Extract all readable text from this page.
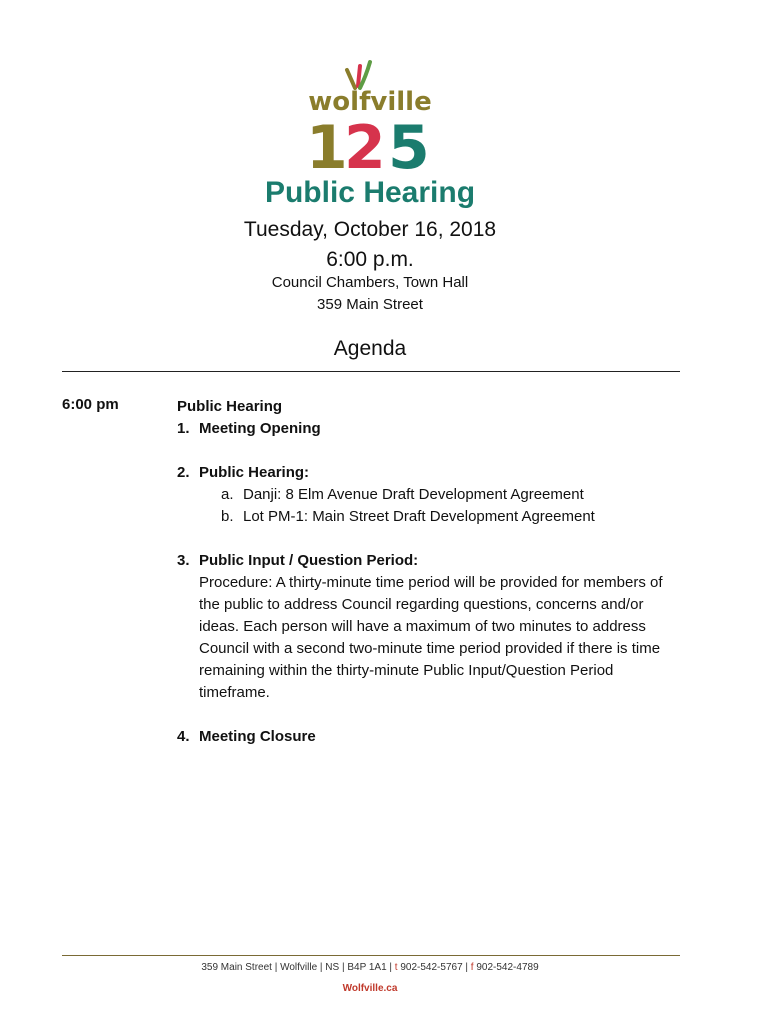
wolfville
1
2 5
Public Hearing
Tuesday, October 16, 2018
6:00 p.m.
Council Chambers, Town Hall
359 Main Street
Agenda
6:00 pm	Public Hearing
1. Meeting Opening
2. Public Hearing:
a. Danji: 8 Elm Avenue Draft Development Agreement
b. Lot PM-1: Main Street Draft Development Agreement
3. Public Input / Question Period:
Procedure: A thirty-minute time period will be provided for members of the public to address Council regarding questions, concerns and/or ideas. Each person will have a maximum of two minutes to address Council with a second two-minute time period provided if there is time remaining within the thirty-minute Public Input/Question Period timeframe.
4. Meeting Closure
359 Main Street | Wolfville | NS | B4P 1A1 | t 902-542-5767 | f 902-542-4789
Wolfville.ca
